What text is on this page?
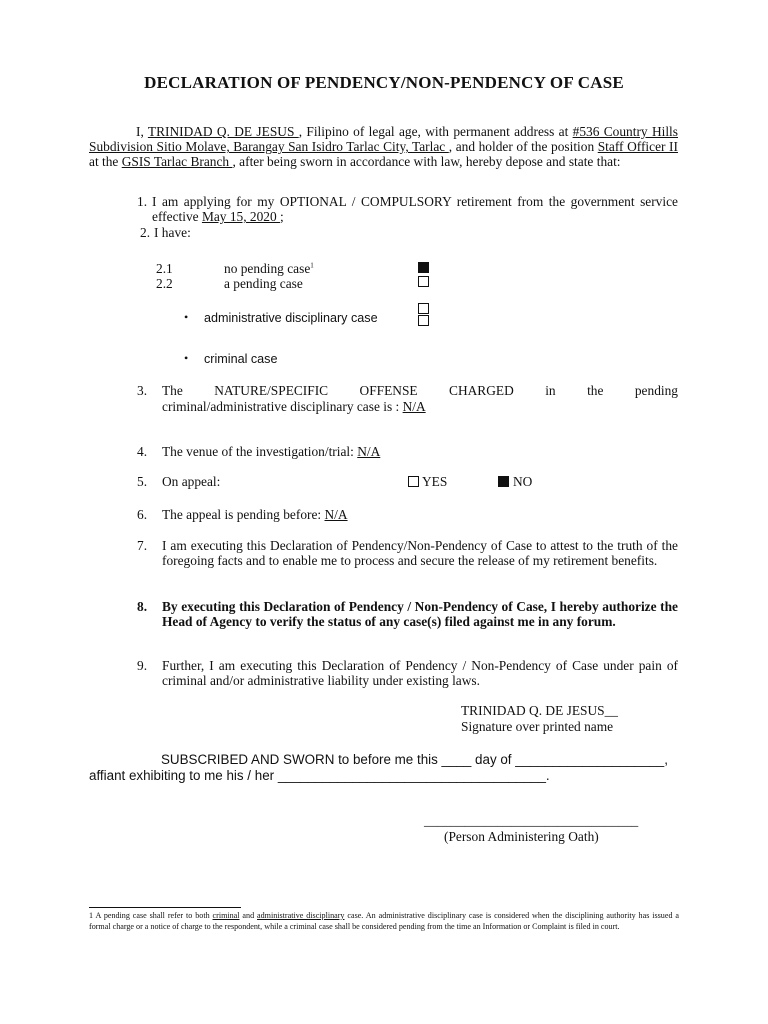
DECLARATION OF PENDENCY/NON-PENDENCY OF CASE
I, TRINIDAD Q. DE JESUS , Filipino of legal age, with permanent address at #536 Country Hills Subdivision Sitio Molave, Barangay San Isidro Tarlac City, Tarlac , and holder of the position Staff Officer II at the GSIS Tarlac Branch , after being sworn in accordance with law, hereby depose and state that:
1. I am applying for my OPTIONAL / COMPULSORY retirement from the government service effective May 15, 2020 ;
2. I have:
2.1	no pending case$^1$
2.2	a pending case
• administrative disciplinary case
• criminal case
3. The NATURE/SPECIFIC OFFENSE CHARGED in the pending
criminal/administrative disciplinary case is : N/A
4. The venue of the investigation/trial: N/A
5. On appeal:	YES	NO
6. The appeal is pending before: N/A
7. I am executing this Declaration of Pendency/Non-Pendency of Case to attest to the truth of the foregoing facts and to enable me to process and secure the release of my retirement benefits.
8. By executing this Declaration of Pendency / Non-Pendency of Case, I hereby authorize the Head of Agency to verify the status of any case(s) filed against me in any forum.
9. Further, I am executing this Declaration of Pendency / Non-Pendency of Case under pain of criminal and/or administrative liability under existing laws.
TRINIDAD Q. DE JESUS__
Signature over printed name
SUBSCRIBED AND SWORN to before me this ____ day of ____________________,
affiant exhibiting to me his / her ____________________________________.
________________________________
(Person Administering Oath)
1 A pending case shall refer to both criminal and administrative disciplinary case. An administrative disciplinary case is considered when the disciplining authority has issued a formal charge or a notice of charge to the respondent, while a criminal case shall be considered pending from the time an Information or Complaint is filed in court.
